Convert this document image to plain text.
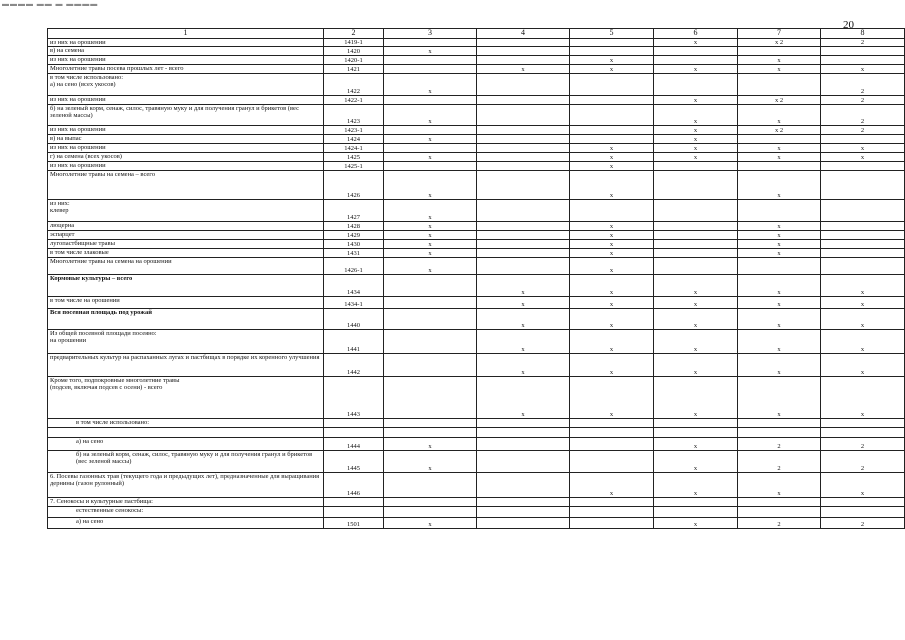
▬▬▬▬ ▬▬ ▬ ▬▬▬▬
20
1	2	3	4	5	6	7	8
из них на орошении	1419-1				x	x 2	2
в) на семена	1420	x					
из них на орошении	1420-1			x		x	
Многолетние травы посева прошлых лет - всего	1421		x	x	x	x	x
в том числе использовано:
а) на сено (всех укосов)	1422	x					2
из них на орошении	1422-1				x	x 2	2
б) на зеленый корм, сенаж, силос, травяную муку и для получения гранул и брикетов (вес зеленой массы)	1423	x			x	x	2
из них на орошении	1423-1				x	x 2	2
в) на выпас	1424	x			x		
из них на орошении	1424-1			x	x	x	x
г) на семена (всех укосов)	1425	x		x	x	x	x
из них на орошении	1425-1			x			
Многолетние травы на семена – всего	1426	x		x		x	
из них:
клевер	1427	x					
люцерна	1428	x		x		x	
эспарцет	1429	x		x		x	
лугопастбищные травы	1430	x		x		x	
в том числе злаковые	1431	x		x		x	
Многолетние травы на семена на орошении	1426-1	x		x			
Кормовые культуры – всего	1434		x	x	x	x	x
в том числе на орошении	1434-1		x	x	x	x	x
Вся посевная площадь под урожай	1440		x	x	x	x	x
Из общей посевной площади посеяно:
на орошении	1441		x	x	x	x	x
предварительных культур на распаханных лугах и пастбищах в порядке их коренного улучшения	1442		x	x	x	x	x
Кроме того, подпокровные многолетние травы
(подсев, включая подсев с осени) - всего	1443		x	x	x	x	x
в том числе использовано:							

а) на сено	1444	x			x	2	2
б) на зеленый корм, сенаж, силос, травяную муку и для получения гранул и брикетов (вес зеленой массы)	1445	x			x	2	2
6. Посевы газонных трав (текущего года и предыдущих лет), предназначенные для выращивания дернины (газон рулонный)	1446			x	x	x	x
7. Сенокосы и культурные пастбища:							
естественные сенокосы:							
а) на сено	1501	x			x	2	2
